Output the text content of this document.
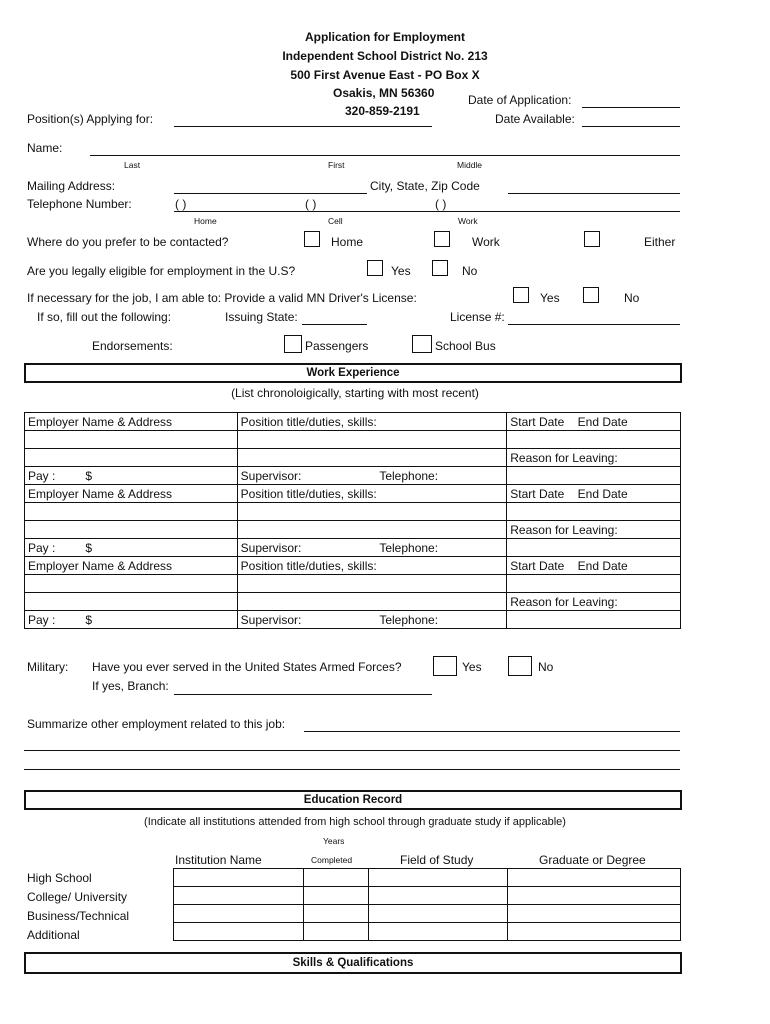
Application for Employment
Independent School District No. 213
500 First Avenue East - PO Box X
Osakis, MN 56360
320-859-2191
Date of Application:
Date Available:
Position(s) Applying for:
Name:
Last	First	Middle
Mailing Address:	City, State, Zip Code
Telephone Number:	( )	( )	( )
Home	Cell	Work
Where do you prefer to be contacted?	Home	Work	Either
Are you legally eligible for employment in the U.S?	Yes	No
If necessary for the job, I am able to: Provide a valid MN Driver's License:	Yes	No
If so, fill out the following:	Issuing State:	License #:
Endorsements:	Passengers	School Bus
Work Experience
(List chronoloigically, starting with most recent)
Employer Name & Address	Position title/duties, skills:	Start Date End Date

		Reason for Leaving:
Pay : $	Supervisor: Telephone:	
Employer Name & Address	Position title/duties, skills:	Start Date End Date

		Reason for Leaving:
Pay : $	Supervisor: Telephone:	
Employer Name & Address	Position title/duties, skills:	Start Date End Date

		Reason for Leaving:
Pay : $	Supervisor: Telephone:	
Military: Have you ever served in the United States Armed Forces?	Yes	No
If yes, Branch:
Summarize other employment related to this job:
Education Record
(Indicate all institutions attended from high school through graduate study if applicable)
Years
Institution Name	Completed	Field of Study	Graduate or Degree
High School
College/ University
Business/Technical
Additional

Skills & Qualifications
